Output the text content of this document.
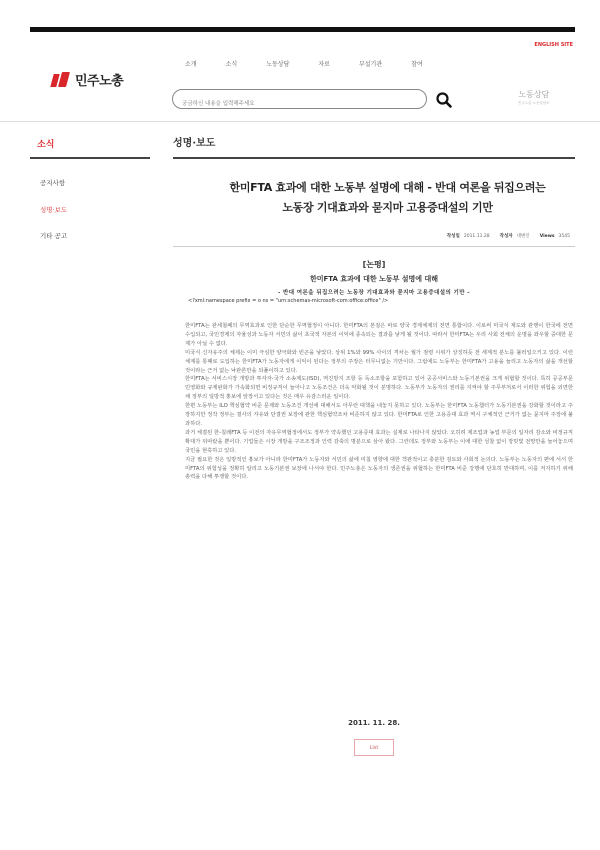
ENGLISH SITE
민주노총
소개	소식	노동상담	자료	부설기관	참여
궁금하신 내용을 입력해주세요
노동상담
민주노총 노동상담소
소식
공지사항
성명·보도
기타 공고
성명·보도
한미FTA 효과에 대한 노동부 설명에 대해 - 반대 여론을 뒤집으려는
노동장 기대효과와 묻지마 고용증대설의 기만
작성일 2011.11.28 작성자 대변인 Views 3545
[논평]
한미FTA 효과에 대한 노동부 설명에 대해
- 반대 여론을 뒤집으려는 노동장 기대효과와 묻지마 고용증대설의 기만 -
<?xml:namespace prefix = o ns = "urn:schemas-microsoft-com:office:office" />

한미FTA는 관세철폐의 무역효과로 인한 단순한 무역협정이 아니다. 한미FTA의 본질은 바로 양국 경제체제의 전면 통합이다. 이로써 미국식 제도와 관행이 한국에 전면 수입되고, 국민경제의 자율성과 노동자 서민의 삶이 초국적 자본의 이익에 종속되는 결과를 낳게 될 것이다. 따라서 한미FTA는 우리 사회 전체의 운명을 좌우할 중대한 문제가 아닐 수 없다.

미국식 신자유주의 체제는 이미 극심한 양극화와 빈곤을 낳았다. 상위 1%와 99% 사이의 격차는 월가 점령 시위가 상징하듯 전 세계적 분노를 불러일으키고 있다. 이런 체제를 통째로 도입하는 한미FTA가 노동자에게 이익이 된다는 정부의 주장은 터무니없는 기만이다. 그럼에도 노동부는 한미FTA가 고용을 늘리고 노동자의 삶을 개선할 것이라는 근거 없는 낙관론만을 되풀이하고 있다.

한미FTA는 서비스시장 개방과 투자자-국가 소송제도(ISD), 역진방지 조항 등 독소조항을 포함하고 있어 공공서비스와 노동기본권을 크게 위협할 것이다. 특히 공공부문 민영화와 규제완화가 가속화되면 비정규직이 늘어나고 노동조건은 더욱 악화될 것이 분명하다. 노동부가 노동자의 권리를 지켜야 할 주무부처로서 이러한 위험을 외면한 채 정부의 일방적 홍보에 앞장서고 있다는 것은 매우 유감스러운 일이다.

한편 노동부는 ILO 핵심협약 비준 문제와 노동조건 개선에 대해서도 아무런 대책을 내놓지 못하고 있다. 노동부는 한미FTA 노동챕터가 노동기본권을 강화할 것이라고 주장하지만 정작 정부는 결사의 자유와 단결권 보장에 관한 핵심협약조차 비준하지 않고 있다. 한미FTA로 인한 고용증대 효과 역시 구체적인 근거가 없는 묻지마 주장에 불과하다.

과거 체결된 한-칠레FTA 등 이전의 자유무역협정에서도 정부가 약속했던 고용증대 효과는 실제로 나타나지 않았다. 오히려 제조업과 농업 부문의 일자리 감소와 비정규직 확대가 뒤따랐을 뿐이다. 기업들은 시장 개방을 구조조정과 인력 감축의 명분으로 삼아 왔다. 그런데도 정부와 노동부는 이에 대한 성찰 없이 장밋빛 전망만을 늘어놓으며 국민을 현혹하고 있다.

지금 필요한 것은 일방적인 홍보가 아니라 한미FTA가 노동자와 서민의 삶에 미칠 영향에 대한 객관적이고 충분한 검토와 사회적 논의다. 노동부는 노동자의 편에 서서 한미FTA의 위험성을 정확히 알리고 노동기본권 보장에 나서야 한다. 민주노총은 노동자의 생존권을 위협하는 한미FTA 비준 강행에 단호히 반대하며, 이를 저지하기 위해 총력을 다해 투쟁할 것이다.

2011. 11. 28.
List
